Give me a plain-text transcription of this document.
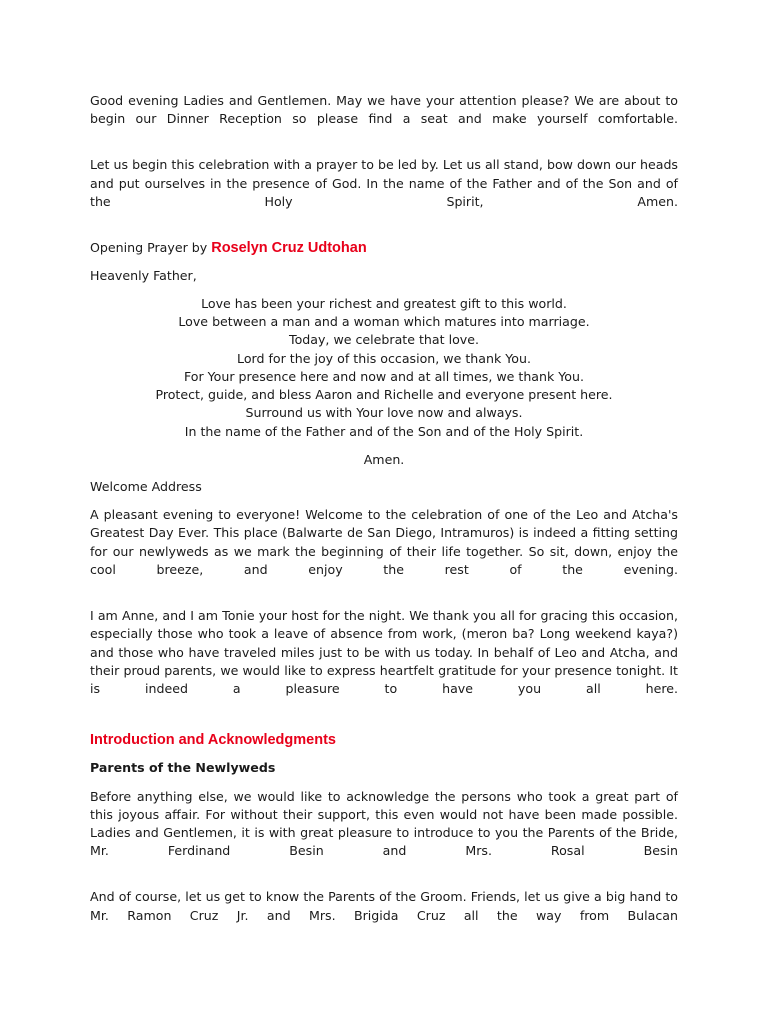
Good evening Ladies and Gentlemen. May we have your attention please? We are about to begin our Dinner Reception so please find a seat and make yourself comfortable.

Let us begin this celebration with a prayer to be led by. Let us all stand, bow down our heads and put ourselves in the presence of God. In the name of the Father and of the Son and of the Holy Spirit, Amen.

Opening Prayer by Roselyn Cruz Udtohan

Heavenly Father,

Love has been your richest and greatest gift to this world.
Love between a man and a woman which matures into marriage.
Today, we celebrate that love.
Lord for the joy of this occasion, we thank You.
For Your presence here and now and at all times, we thank You.
Protect, guide, and bless Aaron and Richelle and everyone present here.
Surround us with Your love now and always.
In the name of the Father and of the Son and of the Holy Spirit.

Amen.

Welcome Address

A pleasant evening to everyone! Welcome to the celebration of one of the Leo and Atcha's Greatest Day Ever. This place (Balwarte de San Diego, Intramuros) is indeed a fitting setting for our newlyweds as we mark the beginning of their life together. So sit, down, enjoy the cool breeze, and enjoy the rest of the evening.

I am Anne, and I am Tonie your host for the night. We thank you all for gracing this occasion, especially those who took a leave of absence from work, (meron ba? Long weekend kaya?) and those who have traveled miles just to be with us today. In behalf of Leo and Atcha, and their proud parents, we would like to express heartfelt gratitude for your presence tonight. It is indeed a pleasure to have you all here.

Introduction and Acknowledgments
Parents of the Newlyweds

Before anything else, we would like to acknowledge the persons who took a great part of this joyous affair. For without their support, this even would not have been made possible. Ladies and Gentlemen, it is with great pleasure to introduce to you the Parents of the Bride, Mr. Ferdinand Besin and Mrs. Rosal Besin

And of course, let us get to know the Parents of the Groom. Friends, let us give a big hand to Mr. Ramon Cruz Jr. and Mrs. Brigida Cruz all the way from Bulacan
